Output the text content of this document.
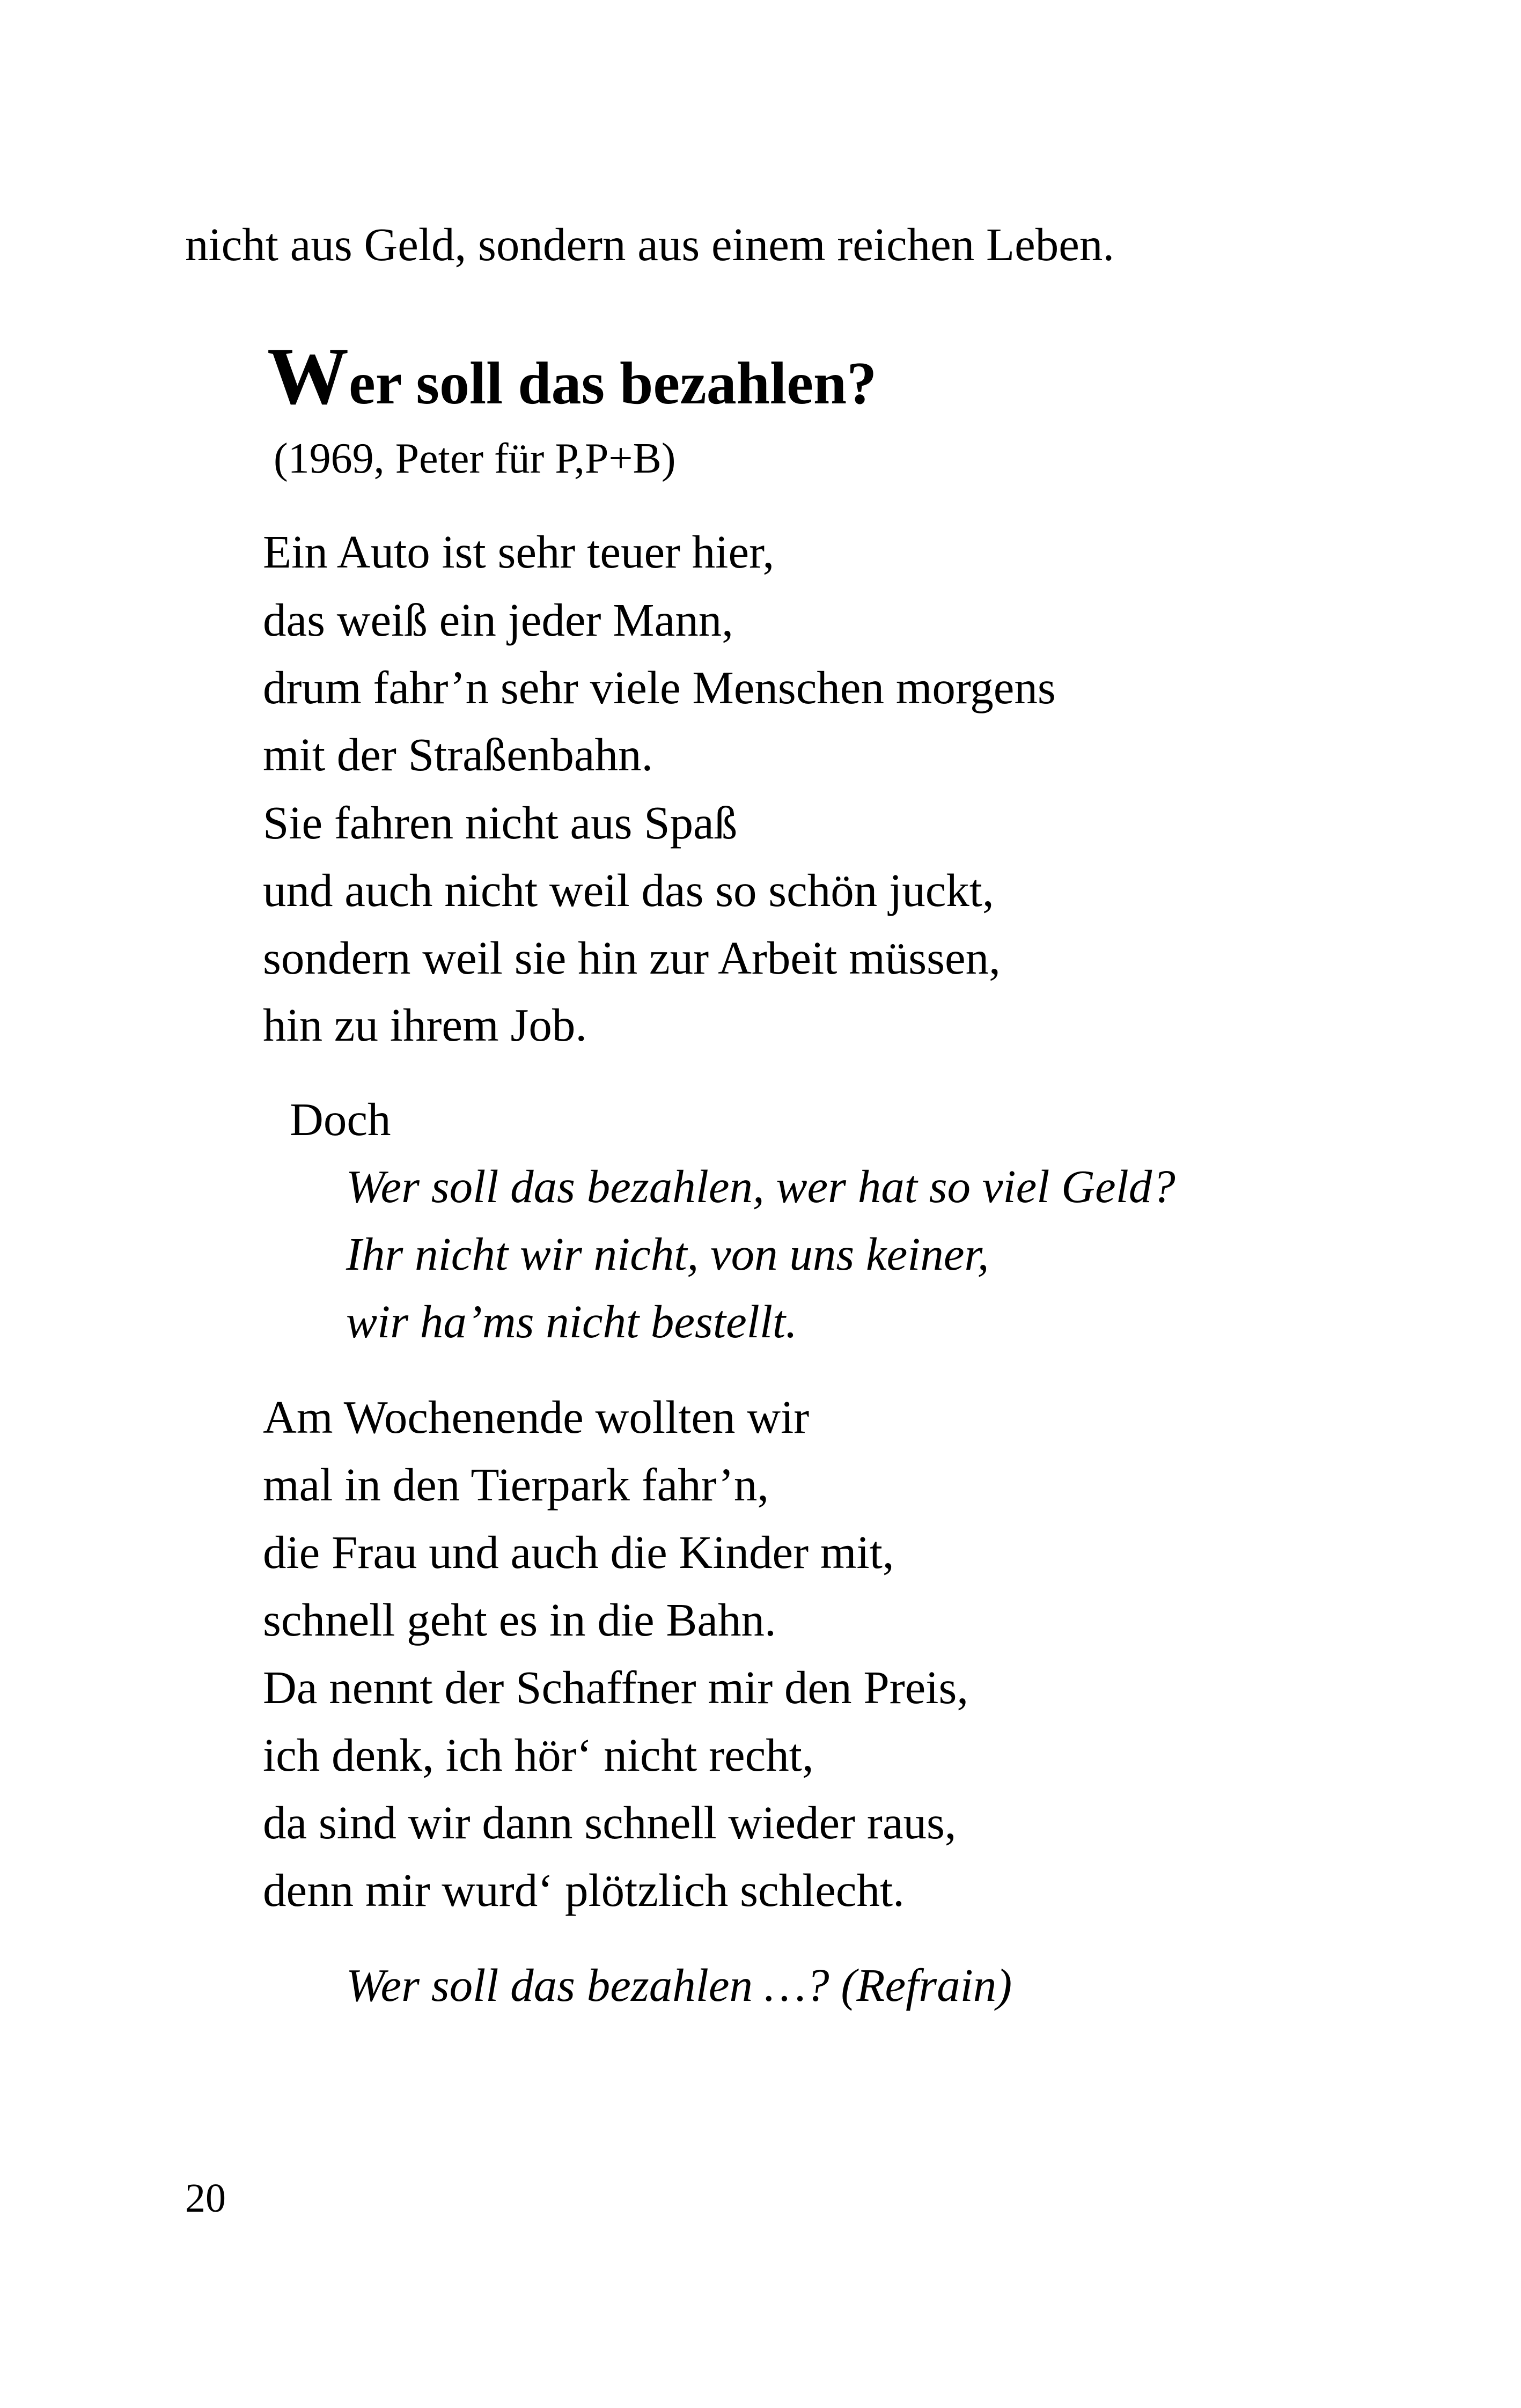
nicht aus Geld, sondern aus einem reichen Leben.
Wer soll das bezahlen?
(1969, Peter für P,P+B)
Ein Auto ist sehr teuer hier,
das weiß ein jeder Mann,
drum fahr’n sehr viele Menschen morgens
mit der Straßenbahn.
Sie fahren nicht aus Spaß
und auch nicht weil das so schön juckt,
sondern weil sie hin zur Arbeit müssen,
hin zu ihrem Job.
Doch
Wer soll das bezahlen, wer hat so viel Geld?
Ihr nicht wir nicht, von uns keiner,
wir ha’ms nicht bestellt.
Am Wochenende wollten wir
mal in den Tierpark fahr’n,
die Frau und auch die Kinder mit,
schnell geht es in die Bahn.
Da nennt der Schaffner mir den Preis,
ich denk, ich hör‘ nicht recht,
da sind wir dann schnell wieder raus,
denn mir wurd‘ plötzlich schlecht.
Wer soll das bezahlen …? (Refrain)
20
